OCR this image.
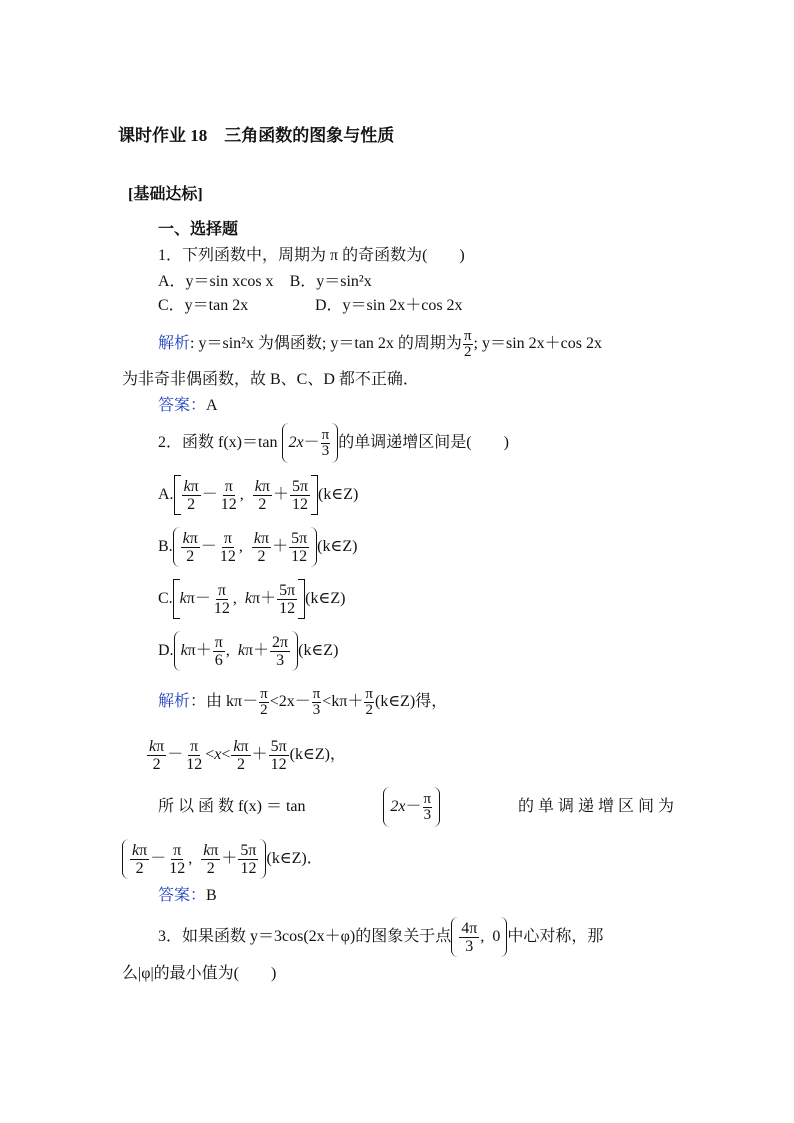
课时作业 18　三角函数的图象与性质
[基础达标]
一、选择题
1．下列函数中，周期为 π 的奇函数为(　　)
A．y＝sin xcos x　 B．y＝sin²x
C．y＝tan 2x	D．y＝sin 2x＋cos 2x
解析 : y＝sin²x 为偶函数; y＝tan 2x 的周期为 $\frac{\pi}{2}$ ; y＝sin 2x＋cos 2x
为非奇非偶函数，故 B、C、D 都不正确．
答案：A
2．函数 f(x)＝tan
$2x - \frac{\pi}{3}$ 的单调递增区间是(　　)
A. $\frac{k\pi}{2} - \frac{\pi}{12}$ , $\frac{k\pi}{2} + \frac{5\pi}{12}$ (k∈Z)
B. $\frac{k\pi}{2} - \frac{\pi}{12}$ , $\frac{k\pi}{2} + \frac{5\pi}{12}$ (k∈Z)
C. k $\pi- \frac{\pi}{12}$ , k $\pi+ \frac{5\pi}{12}$ (k∈Z)
D. k $\pi+ \frac{\pi}{6}$ , k $\pi+ \frac{2\pi}{3}$ (k∈Z)
解析 ：由 $k\pi- \frac{\pi}{2} <2x- \frac{\pi}{3} <k\pi+ \frac{\pi}{2}$ (k∈Z)得，
$\frac{k\pi}{2} - \frac{\pi}{12} < x < \frac{k\pi}{2} + \frac{5\pi}{12}$ (k∈Z)，
所 以 函 数 f(x) ＝ tan	$2x - \frac{\pi}{3}$	的 单 调 递 增 区 间 为
$\frac{k\pi}{2} - \frac{\pi}{12}$ , $\frac{k\pi}{2} + \frac{5\pi}{12}$ (k∈Z)．
答案：B
3．如果函数 y＝3cos(2x＋φ)的图象关于点 $\frac{4\pi}{3}$ ,  0 中心对称，那
么|φ|的最小值为(　　)
